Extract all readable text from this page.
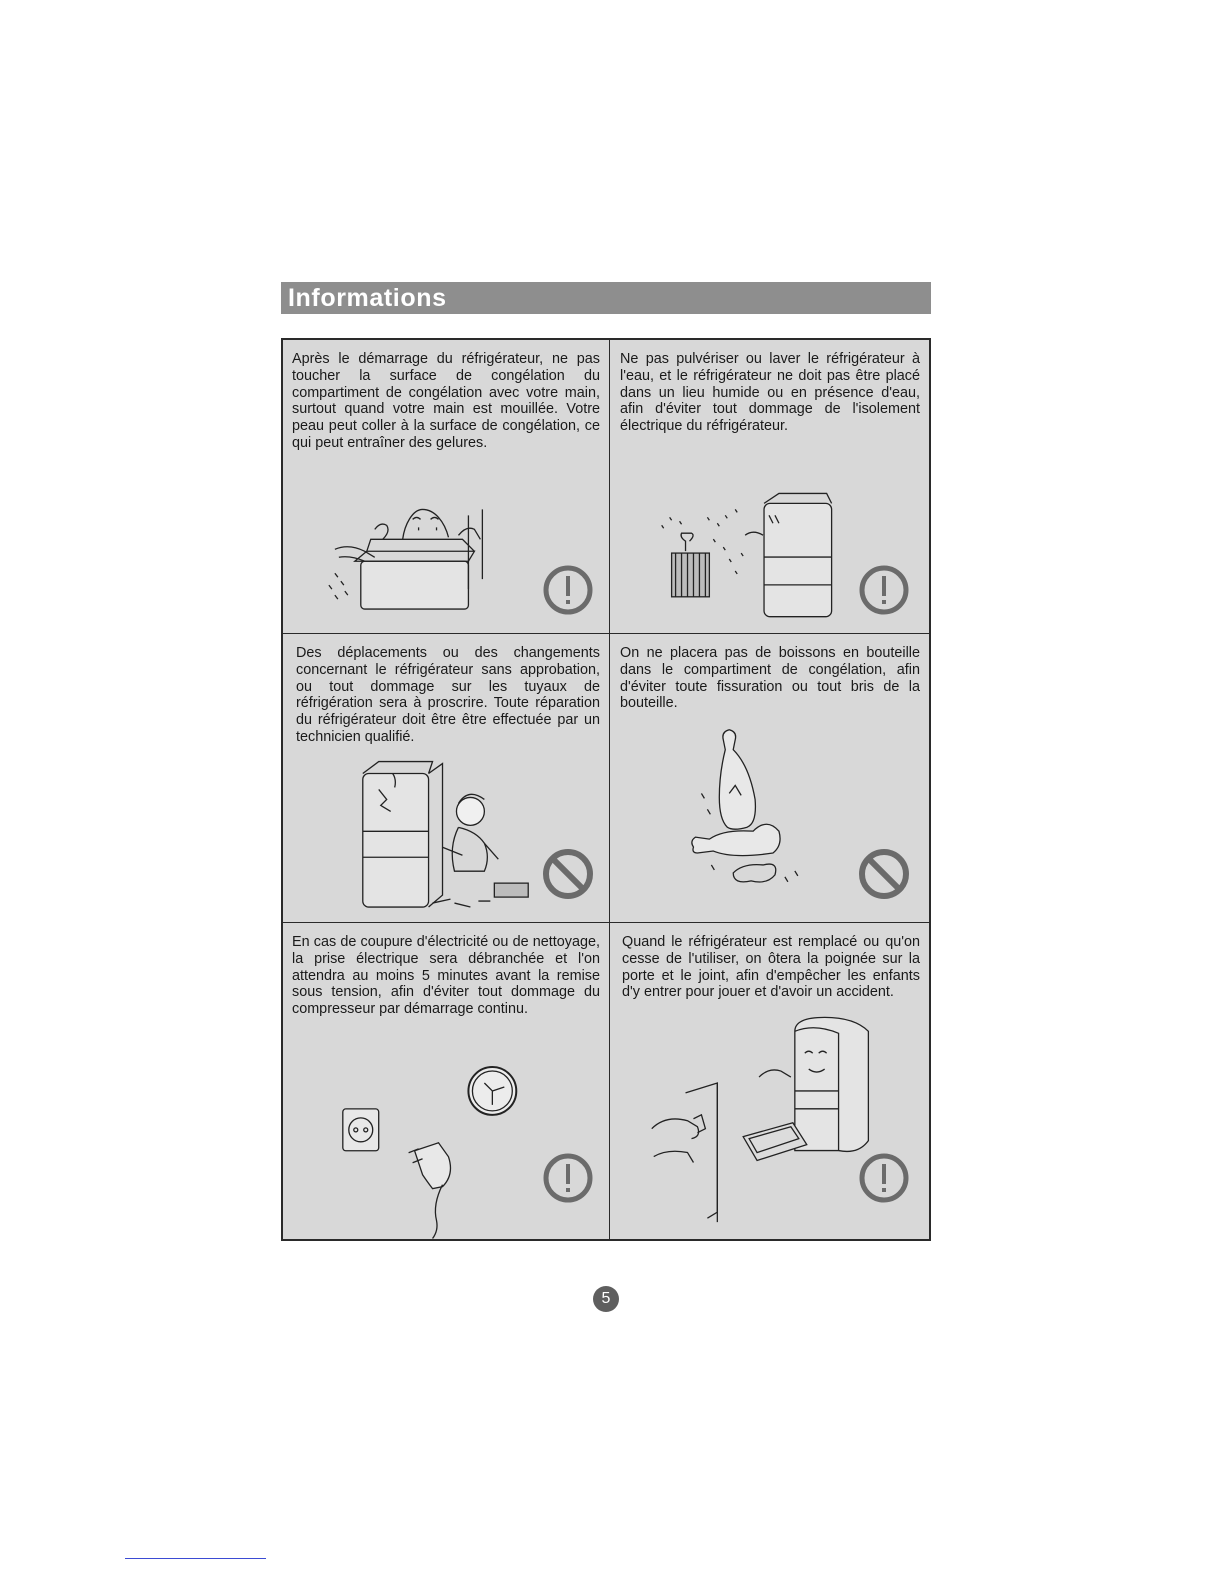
Informations
Après le démarrage du réfrigérateur, ne pas toucher la surface de congélation du compartiment de congélation avec votre main, surtout quand votre main est mouillée. Votre peau peut coller à la surface de congélation, ce qui peut entraîner des gelures.
Ne pas pulvériser ou laver le réfrigérateur à l'eau, et le réfrigérateur ne doit pas être placé dans un lieu humide ou en présence d'eau, afin d'éviter tout dommage de l'isolement électrique du réfrigérateur.
Des déplacements ou des changements concernant le réfrigérateur sans approbation, ou tout dommage sur les tuyaux de réfrigération sera à proscrire. Toute réparation du réfrigérateur doit être être effectuée par un technicien qualifié.
On ne placera pas de boissons en bouteille dans le compartiment de congélation, afin d'éviter toute fissuration ou tout bris de la bouteille.
En cas de coupure d'électricité ou de nettoyage, la prise électrique sera débranchée et l'on attendra au moins 5 minutes avant la remise sous tension, afin d'éviter tout dommage du compresseur par démarrage continu.
Quand le réfrigérateur est remplacé ou qu'on cesse de l'utiliser, on ôtera la poignée sur la porte et le joint, afin d'empêcher les enfants d'y entrer pour jouer et d'avoir un accident.
5
